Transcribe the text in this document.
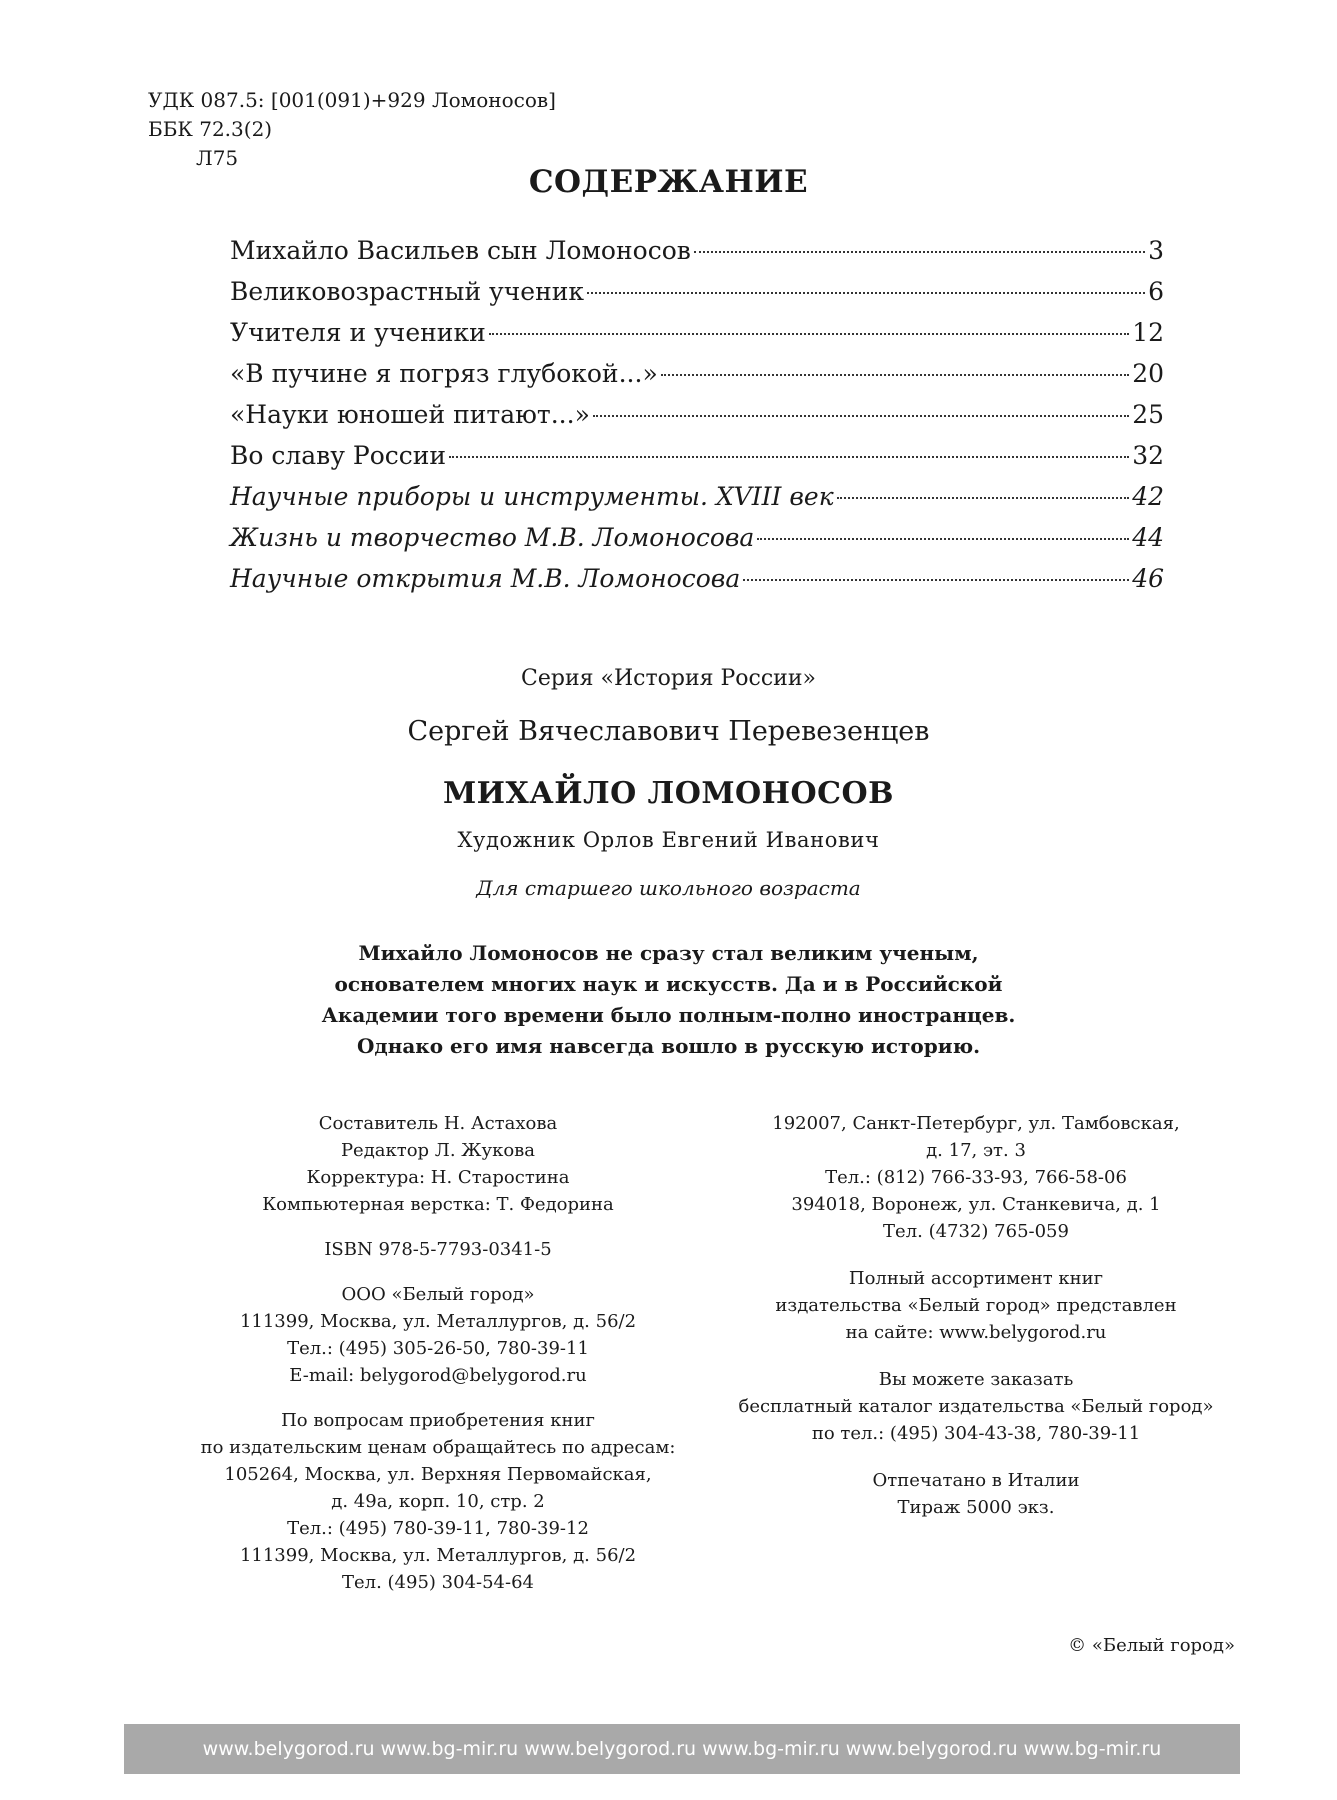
УДК 087.5: [001(091)+929 Ломоносов]
ББК 72.3(2)
Л75
СОДЕРЖАНИЕ
Михайло Васильев сын Ломоносов	3
Великовозрастный ученик	6
Учителя и ученики	12
«В пучине я погряз глубокой...»	20
«Науки юношей питают...»	25
Во славу России	32
Научные приборы и инструменты. XVIII век	42
Жизнь и творчество М.В. Ломоносова	44
Научные открытия М.В. Ломоносова	46
Серия «История России»
Сергей Вячеславович Перевезенцев
МИХАЙЛО ЛОМОНОСОВ
Художник Орлов Евгений Иванович
Для старшего школьного возраста
Михайло Ломоносов не сразу стал великим ученым,
основателем многих наук и искусств. Да и в Российской
Академии того времени было полным-полно иностранцев.
Однако его имя навсегда вошло в русскую историю.
Составитель Н. Астахова
Редактор Л. Жукова
Корректура: Н. Старостина
Компьютерная верстка: Т. Федорина
ISBN 978-5-7793-0341-5
ООО «Белый город»
111399, Москва, ул. Металлургов, д. 56/2
Тел.: (495) 305-26-50, 780-39-11
E-mail: belygorod@belygorod.ru
По вопросам приобретения книг
по издательским ценам обращайтесь по адресам:
105264, Москва, ул. Верхняя Первомайская,
д. 49а, корп. 10, стр. 2
Тел.: (495) 780-39-11, 780-39-12
111399, Москва, ул. Металлургов, д. 56/2
Тел. (495) 304-54-64
192007, Санкт-Петербург, ул. Тамбовская,
д. 17, эт. 3
Тел.: (812) 766-33-93, 766-58-06
394018, Воронеж, ул. Станкевича, д. 1
Тел. (4732) 765-059
Полный ассортимент книг
издательства «Белый город» представлен
на сайте: www.belygorod.ru
Вы можете заказать
бесплатный каталог издательства «Белый город»
по тел.: (495) 304-43-38, 780-39-11
Отпечатано в Италии
Тираж 5000 экз.
© «Белый город»
www.belygorod.ru www.bg-mir.ru www.belygorod.ru www.bg-mir.ru www.belygorod.ru www.bg-mir.ru
